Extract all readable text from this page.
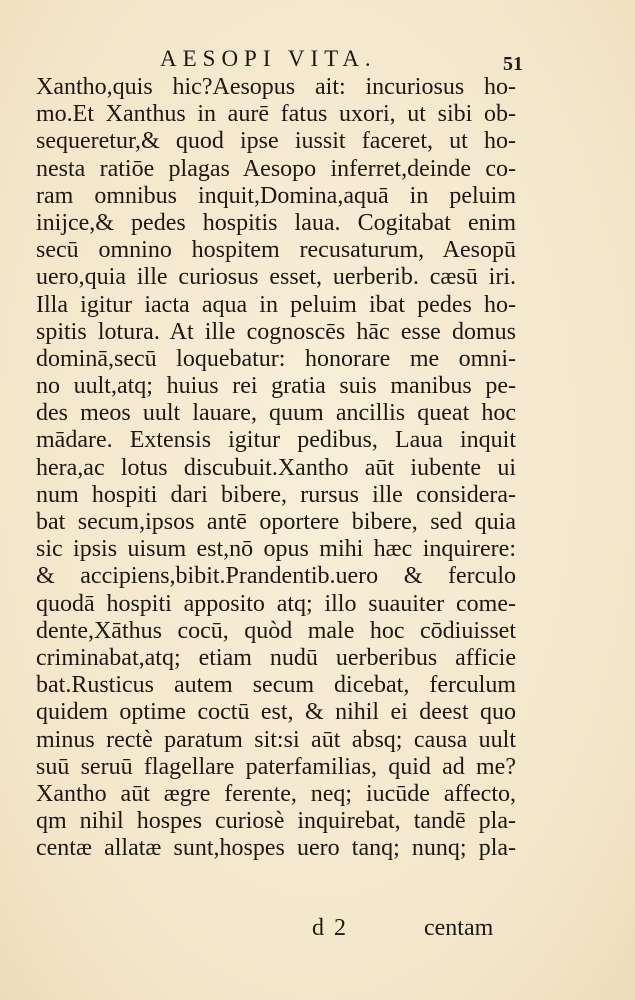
AESOPI VITA.	51
Xantho,quis hic?Aesopus ait: incuriosus ho-
mo.Et Xanthus in aurē fatus uxori, ut sibi ob-
sequeretur,& quod ipse iussit faceret, ut ho-
nesta ratiōe plagas Aesopo inferret,deinde co-
ram omnibus inquit,Domina,aquā in peluim
inijce,& pedes hospitis laua. Cogitabat enim
secū omnino hospitem recusaturum, Aesopū
uero,quia ille curiosus esset, uerberib. cæsū iri.
Illa igitur iacta aqua in peluim ibat pedes ho-
spitis lotura. At ille cognoscēs hāc esse domus
dominā,secū loquebatur: honorare me omni-
no uult,atq; huius rei gratia suis manibus pe-
des meos uult lauare, quum ancillis queat hoc
mādare. Extensis igitur pedibus, Laua inquit
hera,ac lotus discubuit.Xantho aūt iubente ui
num hospiti dari bibere, rursus ille considera-
bat secum,ipsos antē oportere bibere, sed quia
sic ipsis uisum est,nō opus mihi hæc inquirere:
& accipiens,bibit.Prandentib.uero & ferculo
quodā hospiti apposito atq; illo suauiter come-
dente,Xāthus cocū, quòd male hoc cōdiuisset
criminabat,atq; etiam nudū uerberibus afficie
bat.Rusticus autem secum dicebat, ferculum
quidem optime coctū est, & nihil ei deest quo
minus rectè paratum sit:si aūt absq; causa uult
suū seruū flagellare paterfamilias, quid ad me?
Xantho aūt ægre ferente, neq; iucūde affecto,
qm nihil hospes curiosè inquirebat, tandē pla-
centæ allatæ sunt,hospes uero tanq; nunq; pla-
d 2	centam
